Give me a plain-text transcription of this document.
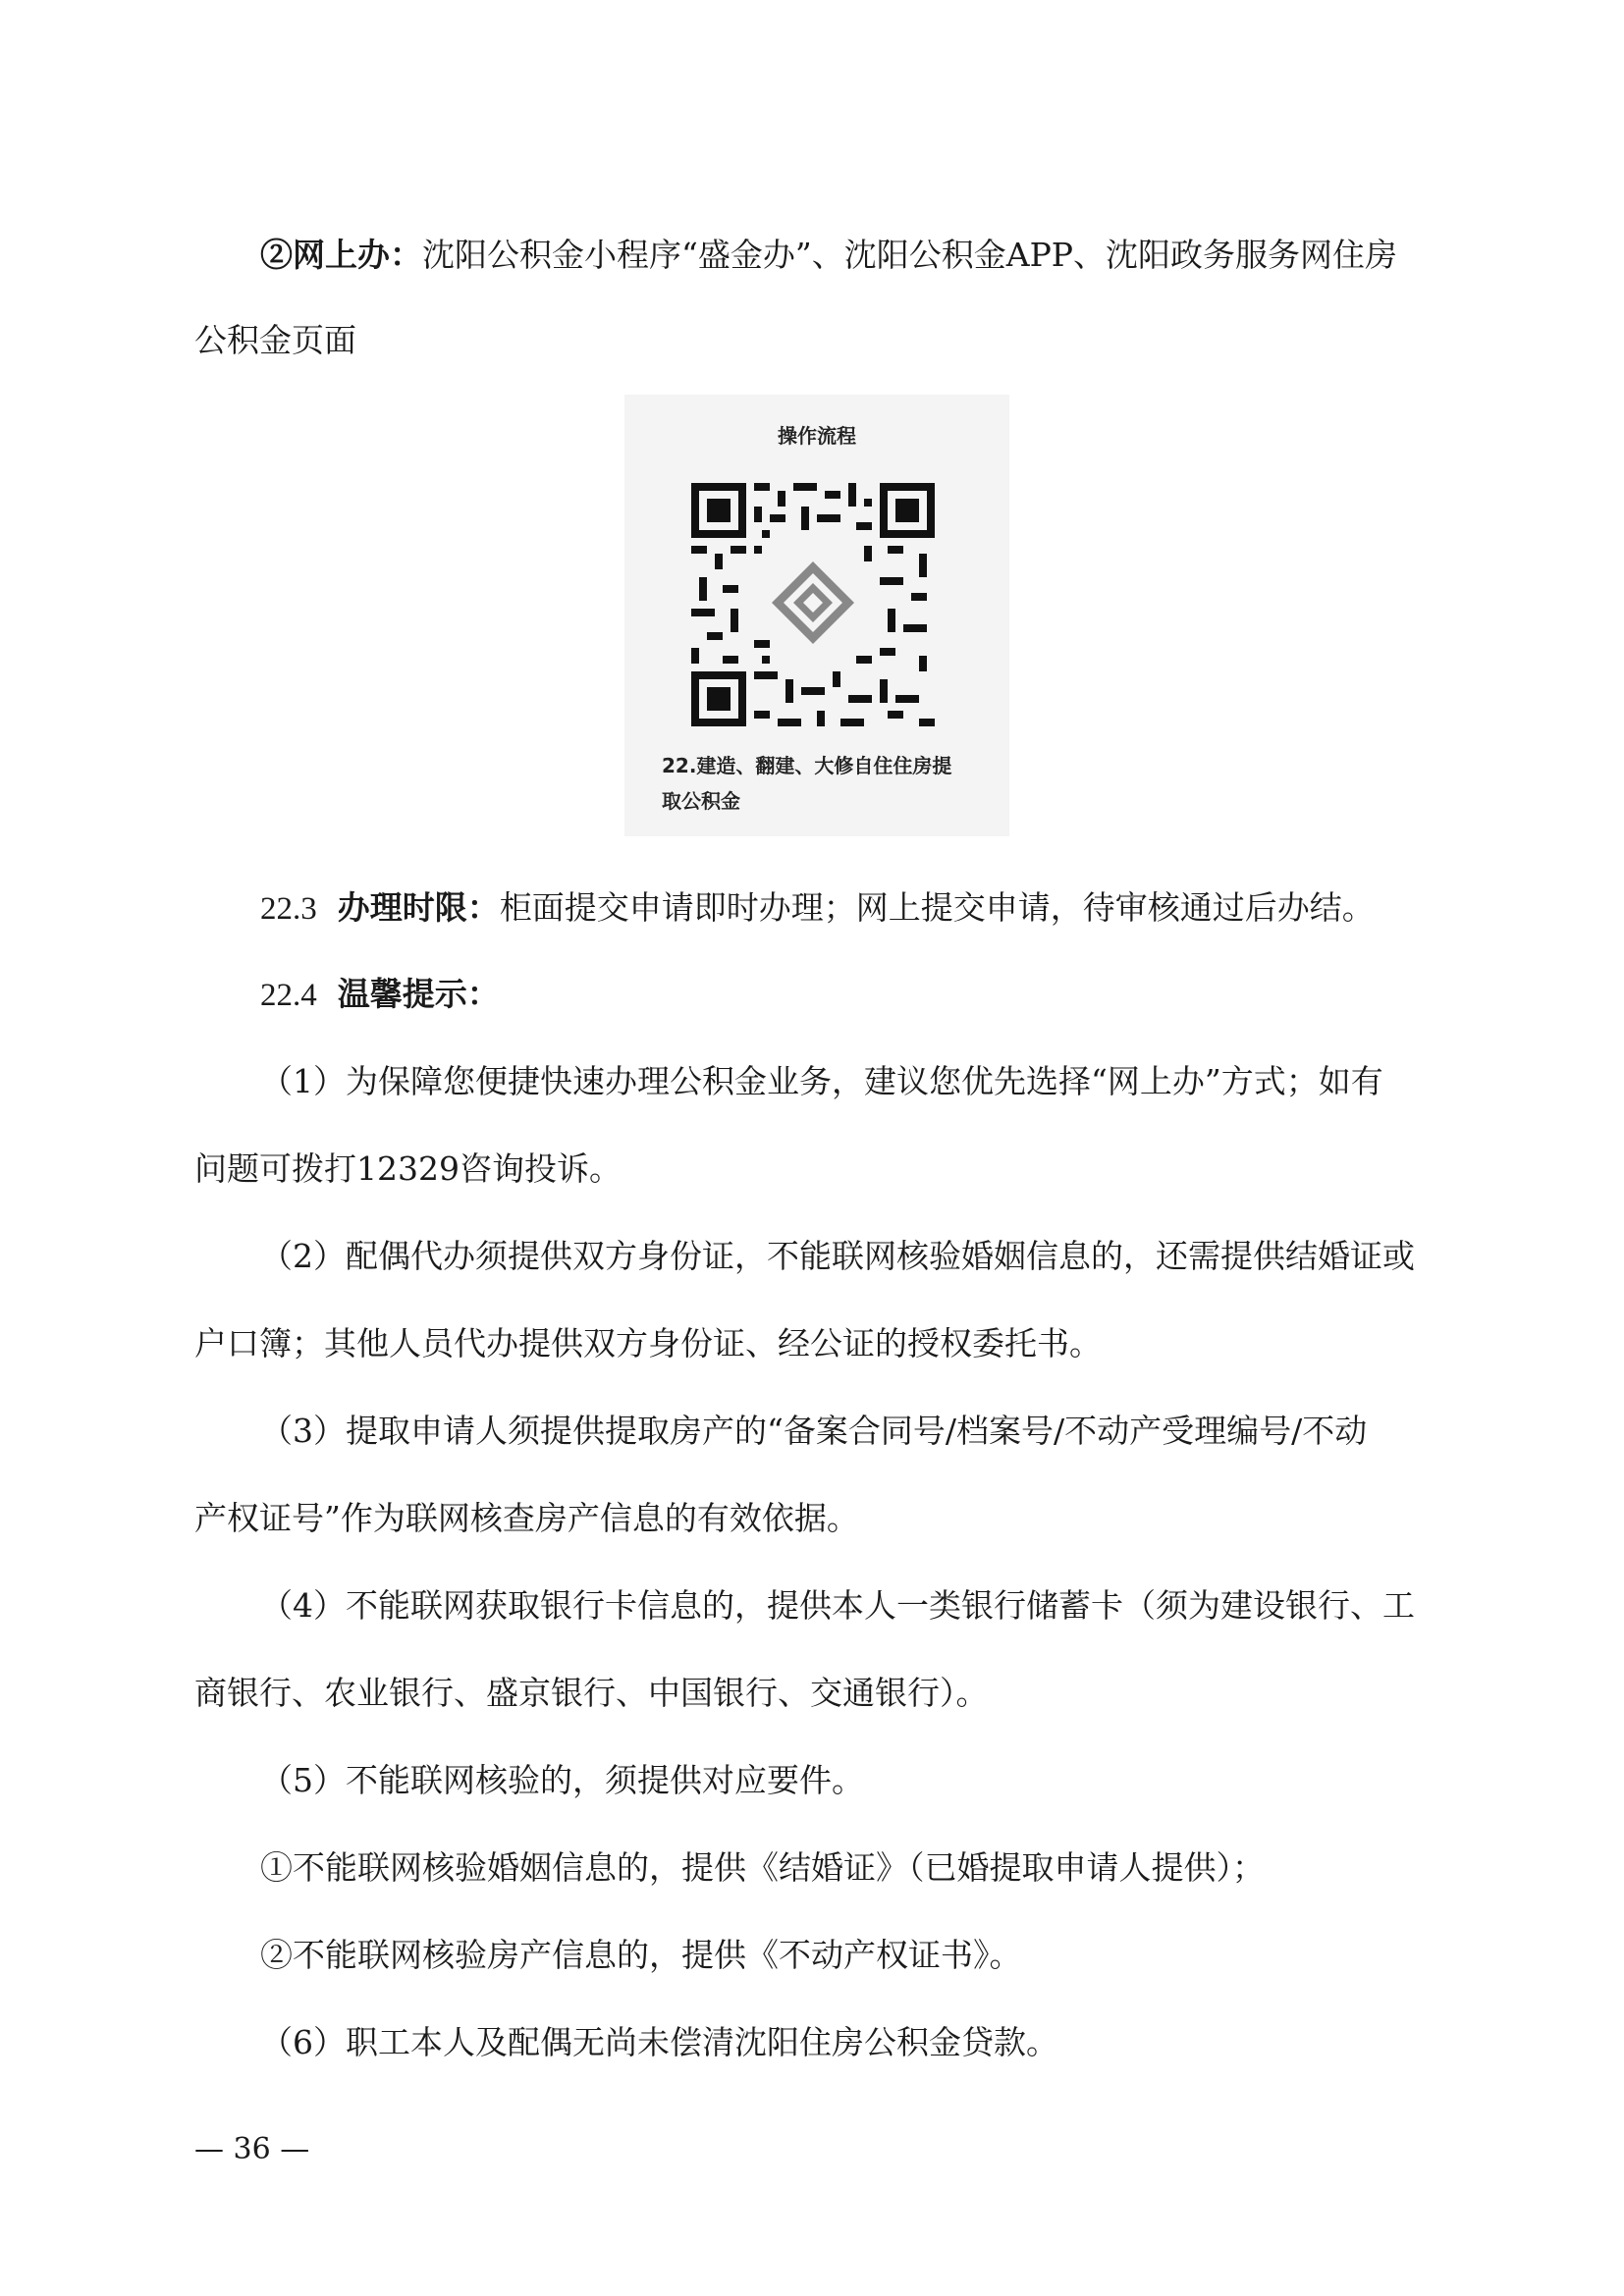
②网上办：沈阳公积金小程序“盛金办”、沈阳公积金APP、沈阳政务服务网住房
公积金页面
操作流程
22.建造、翻建、大修自住住房提
取公积金
22.3 办理时限：柜面提交申请即时办理；网上提交申请，待审核通过后办结。
22.4 温馨提示：
（1）为保障您便捷快速办理公积金业务，建议您优先选择“网上办”方式；如有
问题可拨打12329咨询投诉。
（2）配偶代办须提供双方身份证，不能联网核验婚姻信息的，还需提供结婚证或
户口簿；其他人员代办提供双方身份证、经公证的授权委托书。
（3）提取申请人须提供提取房产的“备案合同号/档案号/不动产受理编号/不动
产权证号”作为联网核查房产信息的有效依据。
（4）不能联网获取银行卡信息的，提供本人一类银行储蓄卡（须为建设银行、工
商银行、农业银行、盛京银行、中国银行、交通银行）。
（5）不能联网核验的，须提供对应要件。
①不能联网核验婚姻信息的，提供《结婚证》（已婚提取申请人提供）；
②不能联网核验房产信息的，提供《不动产权证书》。
（6）职工本人及配偶无尚未偿清沈阳住房公积金贷款。
— 36 —
